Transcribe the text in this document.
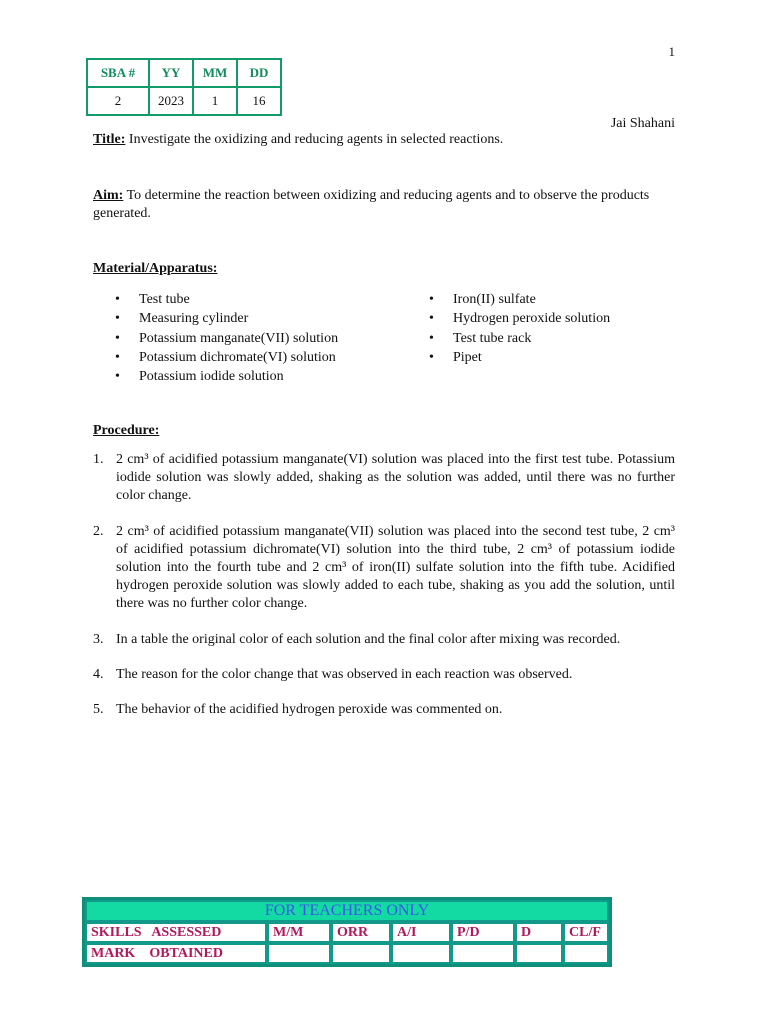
1
SBA #	YY	MM	DD
2	2023	1	16
Jai Shahani
Title: Investigate the oxidizing and reducing agents in selected reactions.
Aim: To determine the reaction between oxidizing and reducing agents and to observe the products generated.
Material/Apparatus:
• Test tube
• Measuring cylinder
• Potassium manganate(VII) solution
• Potassium dichromate(VI) solution
• Potassium iodide solution
• Iron(II) sulfate
• Hydrogen peroxide solution
• Test tube rack
• Pipet
Procedure:
1. 2 cm³ of acidified potassium manganate(VI) solution was placed into the first test tube. Potassium iodide solution was slowly added, shaking as the solution was added, until there was no further color change.
2. 2 cm³ of acidified potassium manganate(VII) solution was placed into the second test tube, 2 cm³ of acidified potassium dichromate(VI) solution into the third tube, 2 cm³ of potassium iodide solution into the fourth tube and 2 cm³ of iron(II) sulfate solution into the fifth tube. Acidified hydrogen peroxide solution was slowly added to each tube, shaking as you add the solution, until there was no further color change.
3. In a table the original color of each solution and the final color after mixing was recorded.
4. The reason for the color change that was observed in each reaction was observed.
5. The behavior of the acidified hydrogen peroxide was commented on.
FOR TEACHERS ONLY						
SKILLS   ASSESSED	M/M	ORR	A/I	P/D	D	CL/F
MARK    OBTAINED						
